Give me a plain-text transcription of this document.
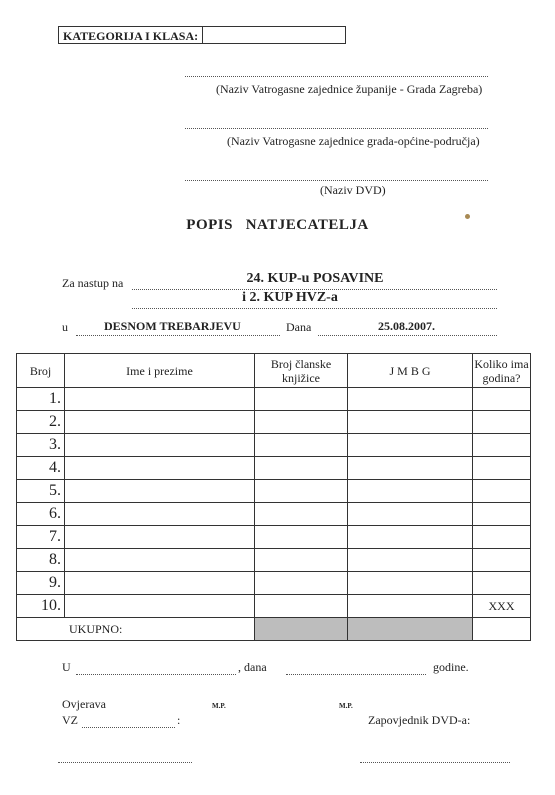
KATEGORIJA I KLASA:
(Naziv Vatrogasne zajednice županije - Grada Zagreba)
(Naziv Vatrogasne zajednice grada-općine-područja)
(Naziv DVD)
POPIS   NATJECATELJA
Za nastup na	24. KUP-u POSAVINE
i 2. KUP HVZ-a
u	DESNOM TREBARJEVU	Dana	25.08.2007.
Broj	Ime i prezime	Broj članske knjižice	J M B G	Koliko ima godina?
1.				
2.				
3.				
4.				
5.				
6.				
7.				
8.				
9.				
10.				XXX
UKUPNO:				
U	, dana	godine.
Ovjerava	M.P.	M.P.
VZ	:	Zapovjednik DVD-a:
